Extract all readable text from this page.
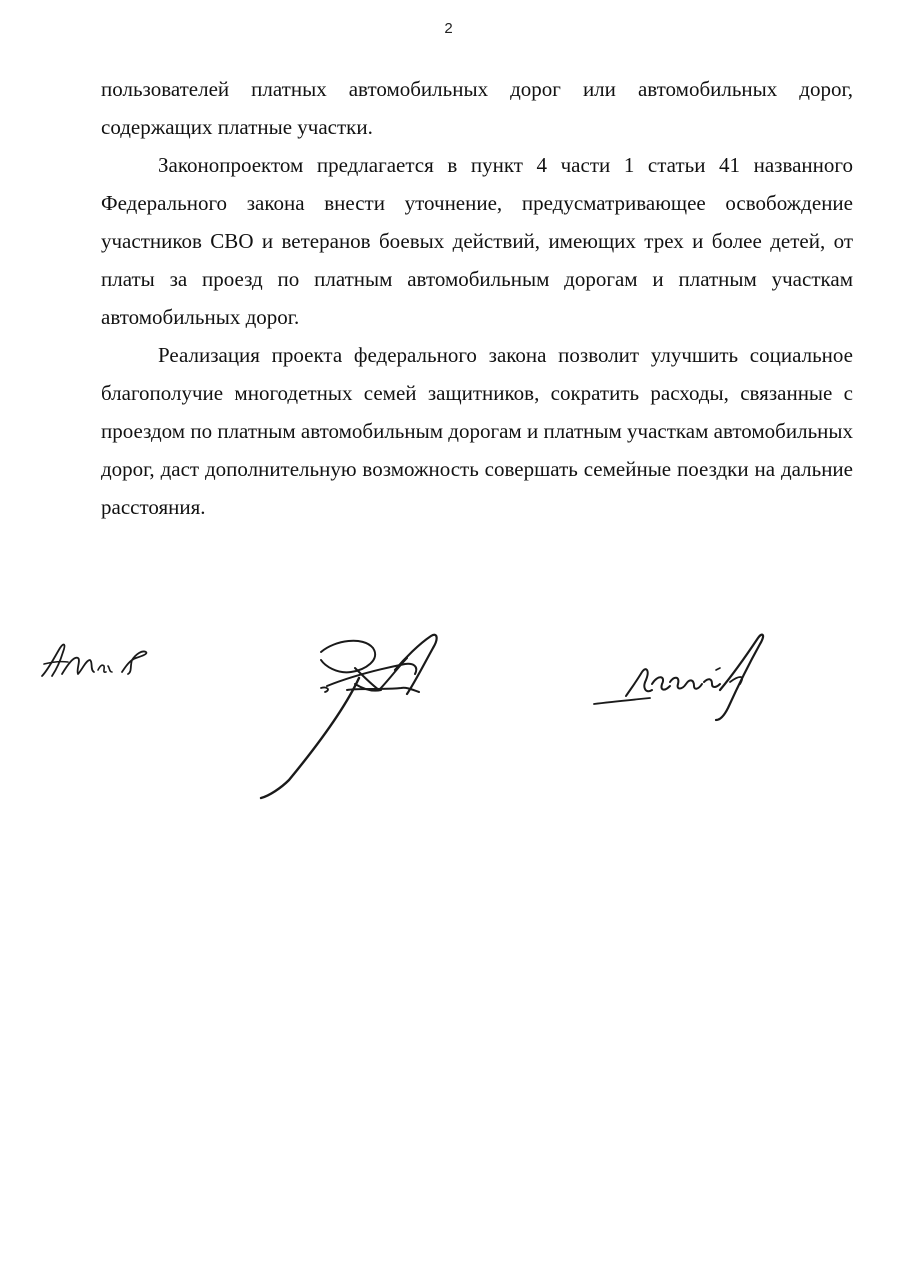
2

пользователей платных автомобильных дорог или автомобильных дорог, содержащих платные участки.

Законопроектом предлагается в пункт 4 части 1 статьи 41 названного Федерального закона внести уточнение, предусматривающее освобождение участников СВО и ветеранов боевых действий, имеющих трех и более детей, от платы за проезд по платным автомобильным дорогам и платным участкам автомобильных дорог.

Реализация проекта федерального закона позволит улучшить социальное благополучие многодетных семей защитников, сократить расходы, связанные с проездом по платным автомобильным дорогам и платным участкам автомобильных дорог, даст дополнительную возможность совершать семейные поездки на дальние расстояния.
